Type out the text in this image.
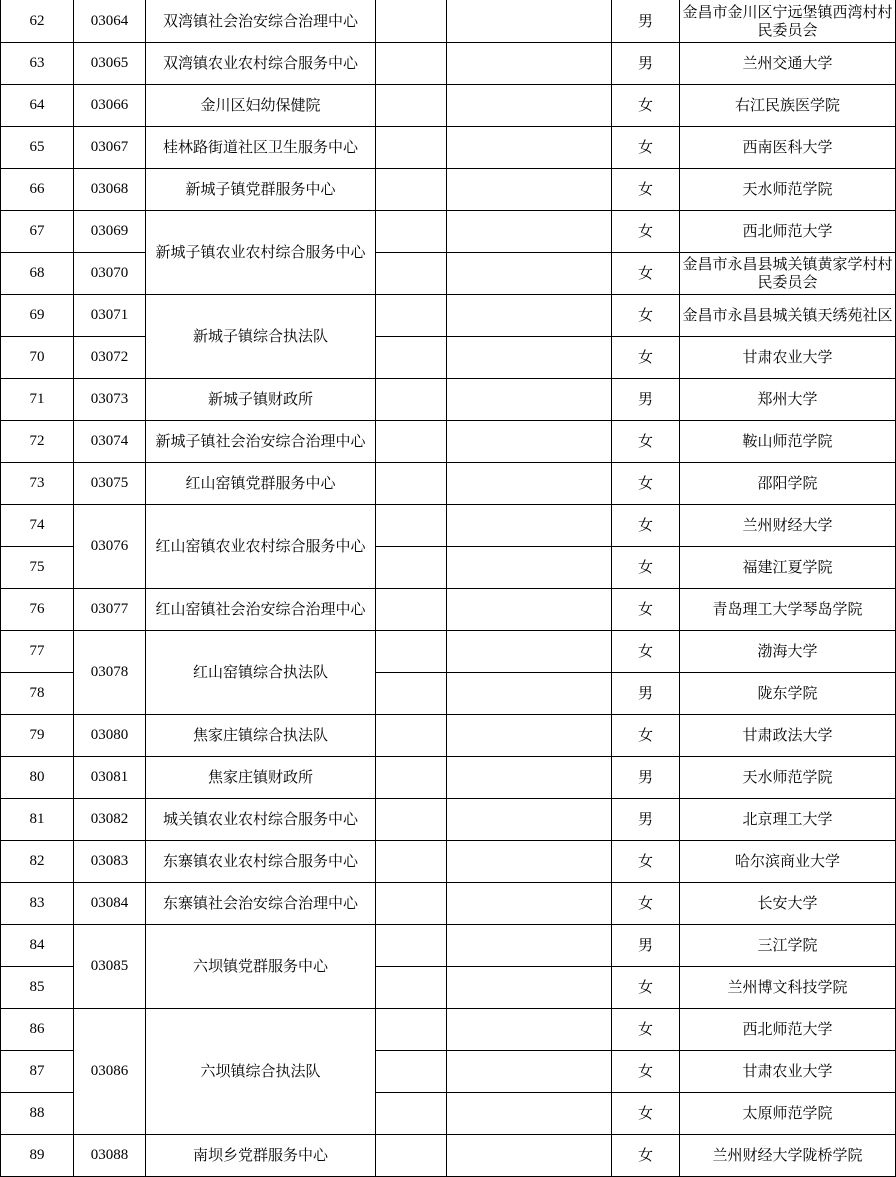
62	03064	双湾镇社会治安综合治理中心			男	金昌市金川区宁远堡镇西湾村村民委员会
63	03065	双湾镇农业农村综合服务中心			男	兰州交通大学
64	03066	金川区妇幼保健院			女	右江民族医学院
65	03067	桂林路街道社区卫生服务中心			女	西南医科大学
66	03068	新城子镇党群服务中心			女	天水师范学院
67	03069	新城子镇农业农村综合服务中心			女	西北师范大学
68	03070				女	金昌市永昌县城关镇黄家学村村民委员会
69	03071	新城子镇综合执法队			女	金昌市永昌县城关镇天绣苑社区
70	03072				女	甘肃农业大学
71	03073	新城子镇财政所			男	郑州大学
72	03074	新城子镇社会治安综合治理中心			女	鞍山师范学院
73	03075	红山窑镇党群服务中心			女	邵阳学院
74	03076	红山窑镇农业农村综合服务中心			女	兰州财经大学
75					女	福建江夏学院
76	03077	红山窑镇社会治安综合治理中心			女	青岛理工大学琴岛学院
77	03078	红山窑镇综合执法队			女	渤海大学
78					男	陇东学院
79	03080	焦家庄镇综合执法队			女	甘肃政法大学
80	03081	焦家庄镇财政所			男	天水师范学院
81	03082	城关镇农业农村综合服务中心			男	北京理工大学
82	03083	东寨镇农业农村综合服务中心			女	哈尔滨商业大学
83	03084	东寨镇社会治安综合治理中心			女	长安大学
84	03085	六坝镇党群服务中心			男	三江学院
85					女	兰州博文科技学院
86	03086	六坝镇综合执法队			女	西北师范大学
87					女	甘肃农业大学
88					女	太原师范学院
89	03088	南坝乡党群服务中心			女	兰州财经大学陇桥学院
